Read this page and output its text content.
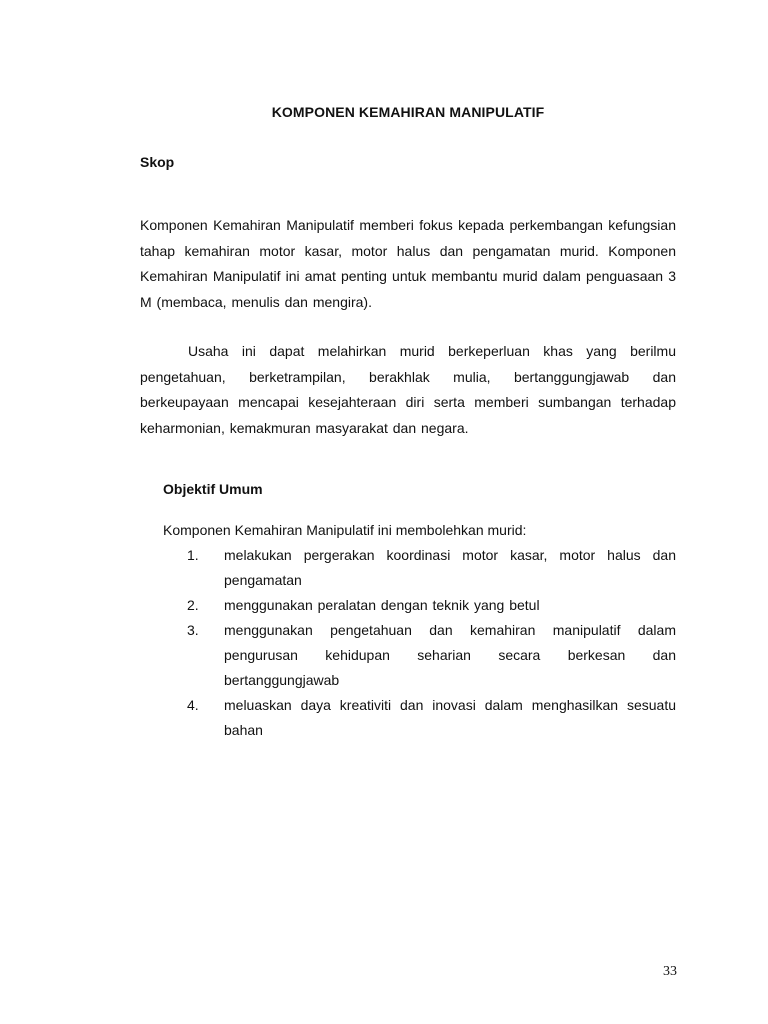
KOMPONEN KEMAHIRAN MANIPULATIF
Skop

Komponen Kemahiran Manipulatif memberi fokus kepada perkembangan kefungsian tahap kemahiran motor kasar, motor halus dan pengamatan murid. Komponen Kemahiran Manipulatif ini amat penting untuk membantu murid dalam penguasaan 3 M (membaca, menulis dan mengira).

Usaha ini dapat melahirkan murid berkeperluan khas yang berilmu pengetahuan, berketrampilan, berakhlak mulia, bertanggungjawab dan berkeupayaan mencapai kesejahteraan diri serta memberi sumbangan terhadap keharmonian, kemakmuran masyarakat dan negara.

Objektif Umum
Komponen Kemahiran Manipulatif ini membolehkan murid:
1.	melakukan pergerakan koordinasi motor kasar, motor halus dan pengamatan
2.	menggunakan peralatan dengan teknik yang betul
3.	menggunakan pengetahuan dan kemahiran manipulatif dalam pengurusan kehidupan seharian secara berkesan dan bertanggungjawab
4.	meluaskan daya kreativiti dan inovasi dalam menghasilkan sesuatu bahan
33
